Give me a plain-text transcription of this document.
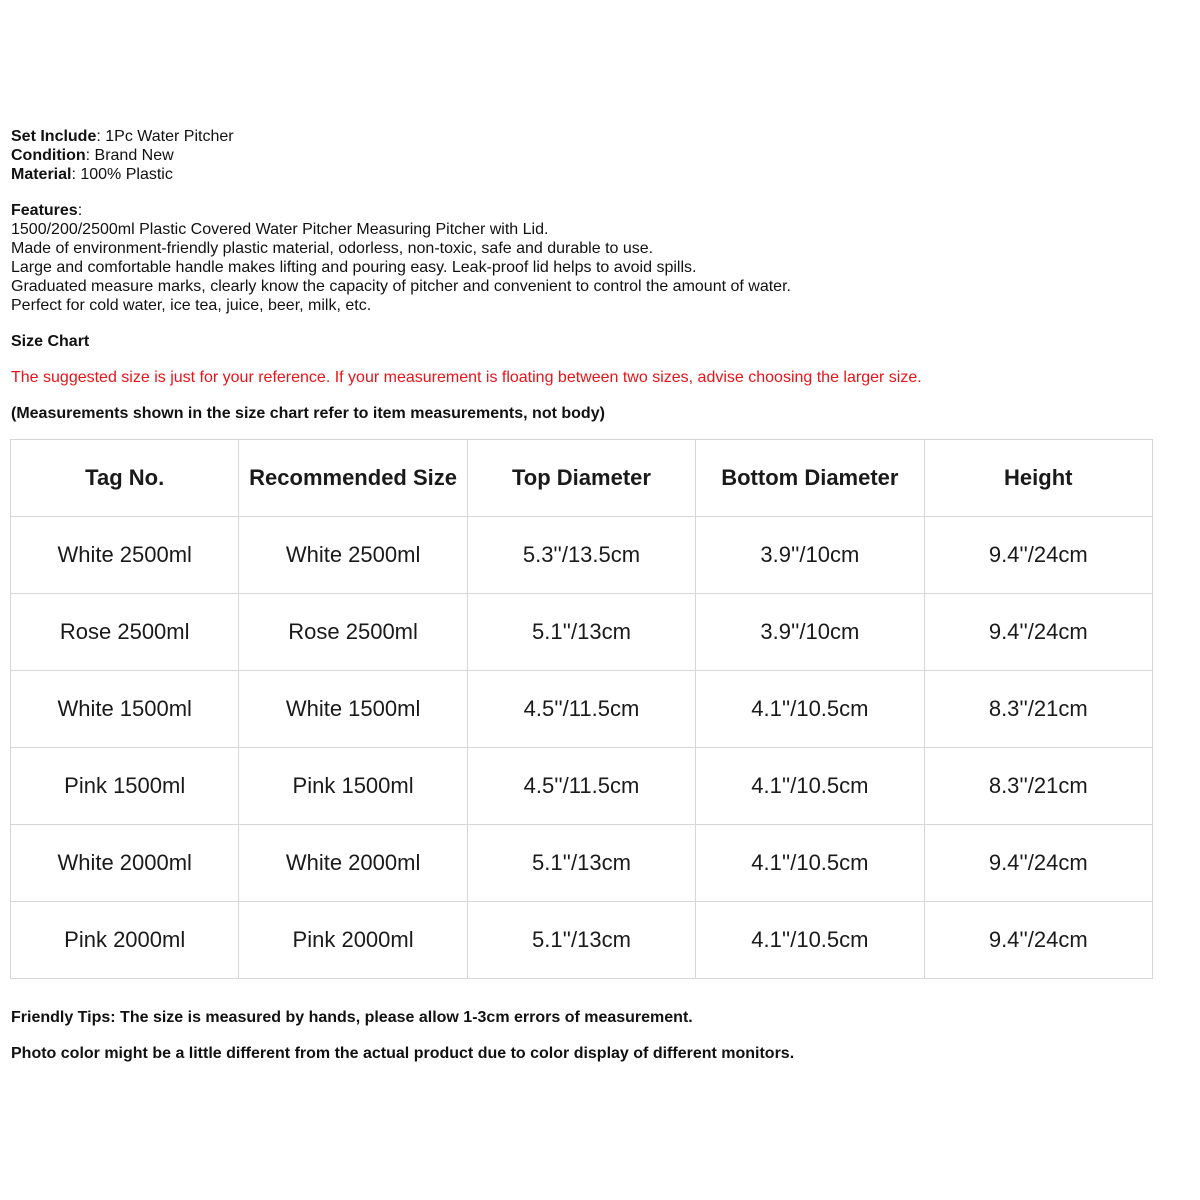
Set Include: 1Pc Water Pitcher
Condition: Brand New
Material: 100% Plastic
Features:
1500/200/2500ml Plastic Covered Water Pitcher Measuring Pitcher with Lid.
Made of environment-friendly plastic material, odorless, non-toxic, safe and durable to use.
Large and comfortable handle makes lifting and pouring easy. Leak-proof lid helps to avoid spills.
Graduated measure marks, clearly know the capacity of pitcher and convenient to control the amount of water.
Perfect for cold water, ice tea, juice, beer, milk, etc.
Size Chart
The suggested size is just for your reference. If your measurement is floating between two sizes, advise choosing the larger size.
(Measurements shown in the size chart refer to item measurements, not body)
Tag No.	Recommended Size	Top Diameter	Bottom Diameter	Height
White 2500ml	White 2500ml	5.3''/13.5cm	3.9''/10cm	9.4''/24cm
Rose 2500ml	Rose 2500ml	5.1''/13cm	3.9''/10cm	9.4''/24cm
White 1500ml	White 1500ml	4.5''/11.5cm	4.1''/10.5cm	8.3''/21cm
Pink 1500ml	Pink 1500ml	4.5''/11.5cm	4.1''/10.5cm	8.3''/21cm
White 2000ml	White 2000ml	5.1''/13cm	4.1''/10.5cm	9.4''/24cm
Pink 2000ml	Pink 2000ml	5.1''/13cm	4.1''/10.5cm	9.4''/24cm
Friendly Tips: The size is measured by hands, please allow 1-3cm errors of measurement.
Photo color might be a little different from the actual product due to color display of different monitors.
